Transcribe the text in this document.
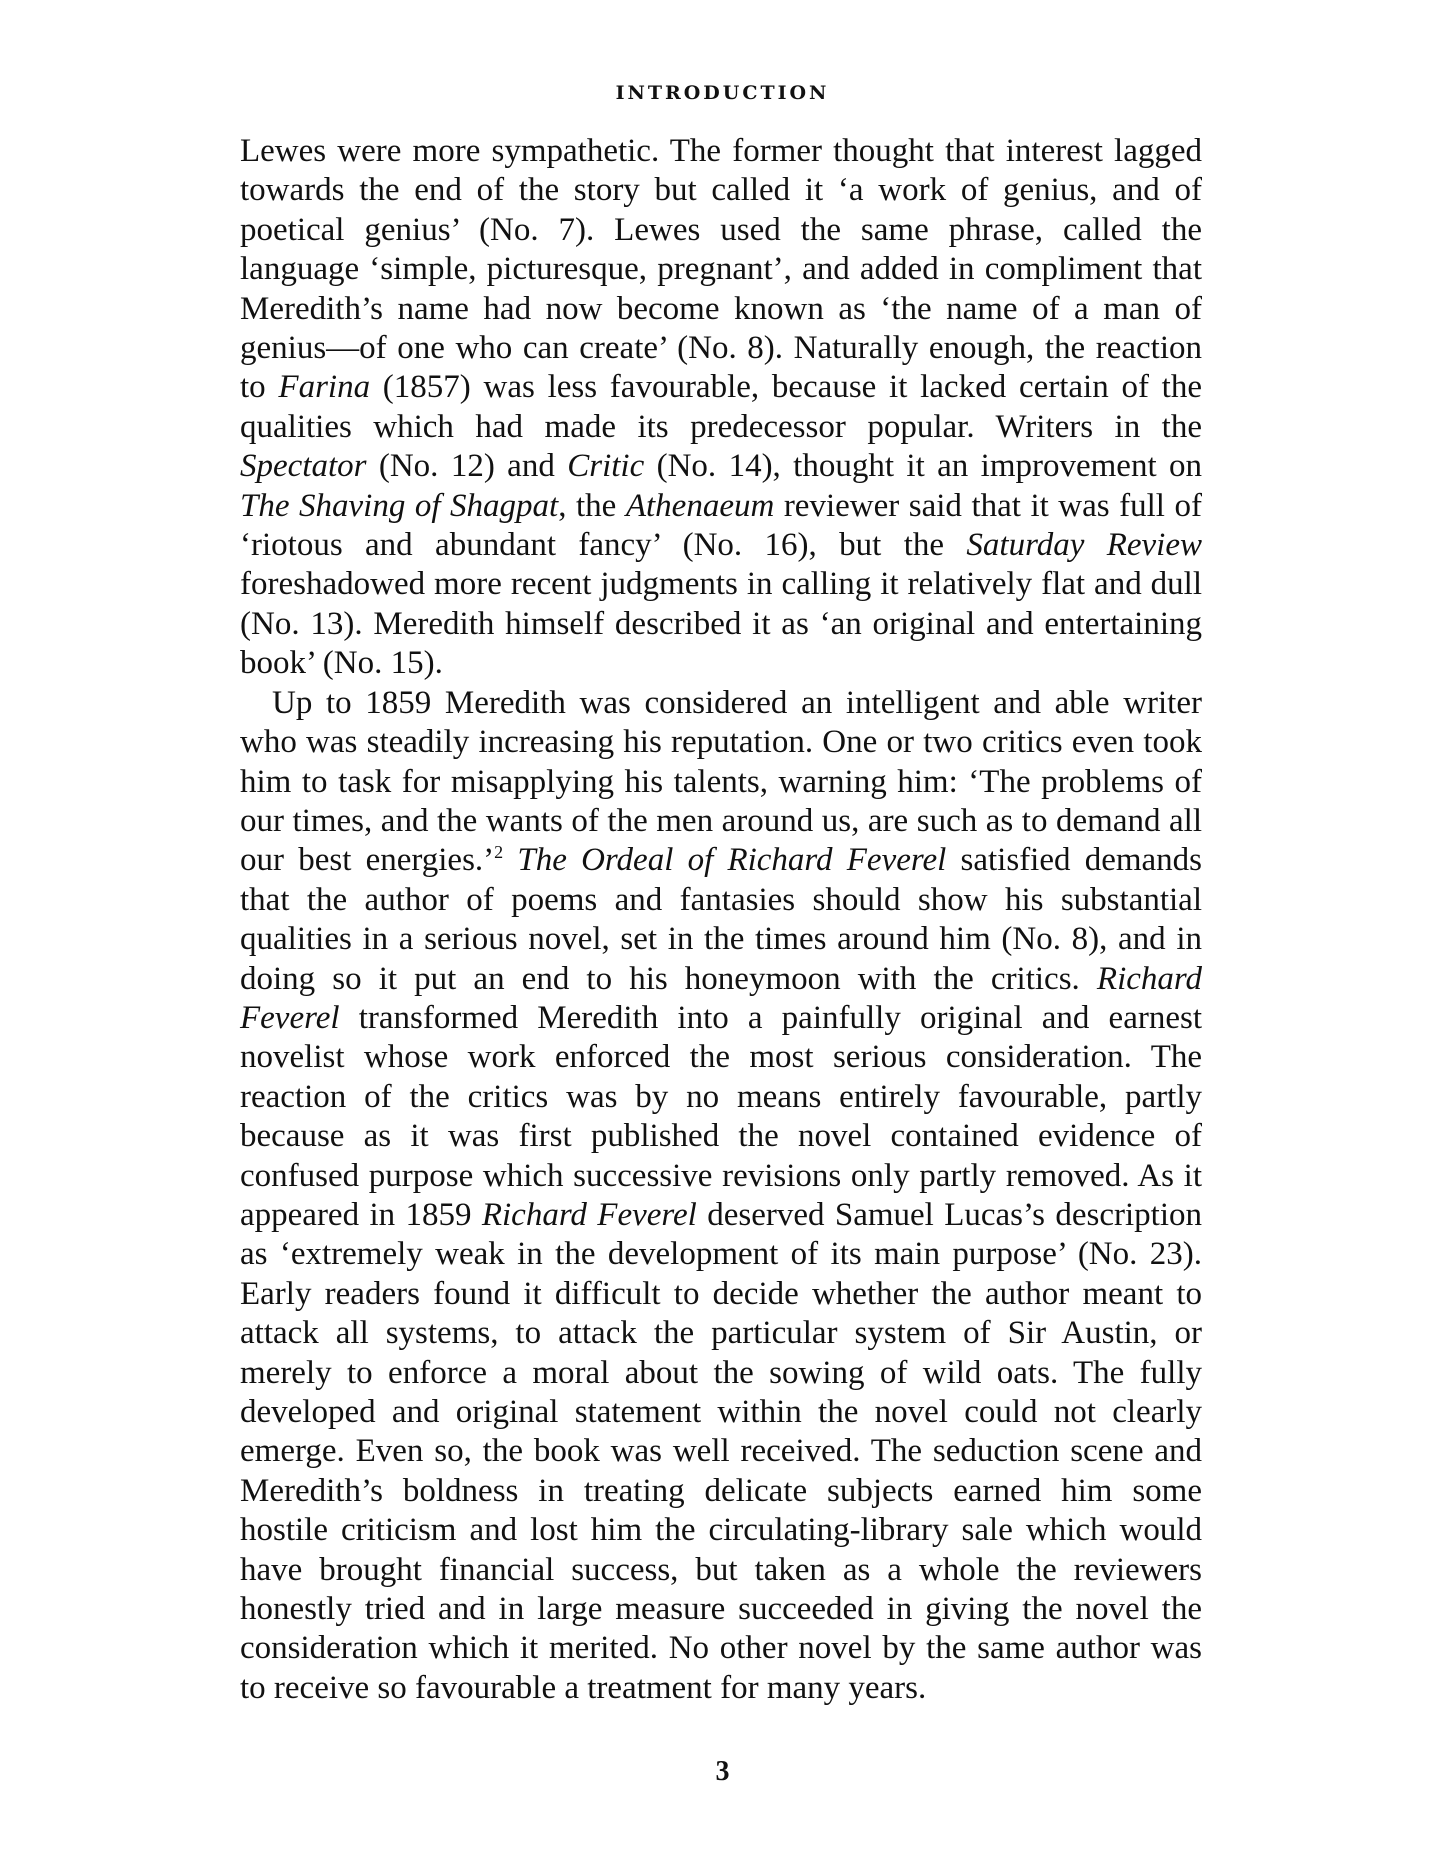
INTRODUCTION

Lewes were more sympathetic. The former thought that interest lagged towards the end of the story but called it ‘a work of genius, and of poetical genius’ (No. 7). Lewes used the same phrase, called the language ‘simple, picturesque, pregnant’, and added in compliment that Meredith’s name had now become known as ‘the name of a man of genius—of one who can create’ (No. 8). Naturally enough, the reaction to Farina (1857) was less favourable, because it lacked certain of the qualities which had made its predecessor popular. Writers in the Spectator (No. 12) and Critic (No. 14), thought it an improvement on The Shaving of Shagpat, the Athenaeum reviewer said that it was full of ‘riotous and abundant fancy’ (No. 16), but the Saturday Review foreshadowed more recent judgments in calling it relatively flat and dull (No. 13). Meredith himself described it as ‘an original and entertaining book’ (No. 15).

Up to 1859 Meredith was considered an intelligent and able writer who was steadily increasing his reputation. One or two critics even took him to task for misapplying his talents, warning him: ‘The problems of our times, and the wants of the men around us, are such as to demand all our best energies.’$^2$ The Ordeal of Richard Feverel satisfied demands that the author of poems and fantasies should show his substantial qualities in a serious novel, set in the times around him (No. 8), and in doing so it put an end to his honeymoon with the critics. Richard Feverel transformed Meredith into a painfully original and earnest novelist whose work enforced the most serious consideration. The reaction of the critics was by no means entirely favourable, partly because as it was first published the novel contained evidence of confused purpose which successive revisions only partly removed. As it appeared in 1859 Richard Feverel deserved Samuel Lucas’s description as ‘extremely weak in the development of its main purpose’ (No. 23). Early readers found it difficult to decide whether the author meant to attack all systems, to attack the particular system of Sir Austin, or merely to enforce a moral about the sowing of wild oats. The fully developed and original statement within the novel could not clearly emerge. Even so, the book was well received. The seduction scene and Meredith’s boldness in treating delicate subjects earned him some hostile criticism and lost him the circulating-library sale which would have brought financial success, but taken as a whole the reviewers honestly tried and in large measure succeeded in giving the novel the consideration which it merited. No other novel by the same author was to receive so favourable a treatment for many years.

3
